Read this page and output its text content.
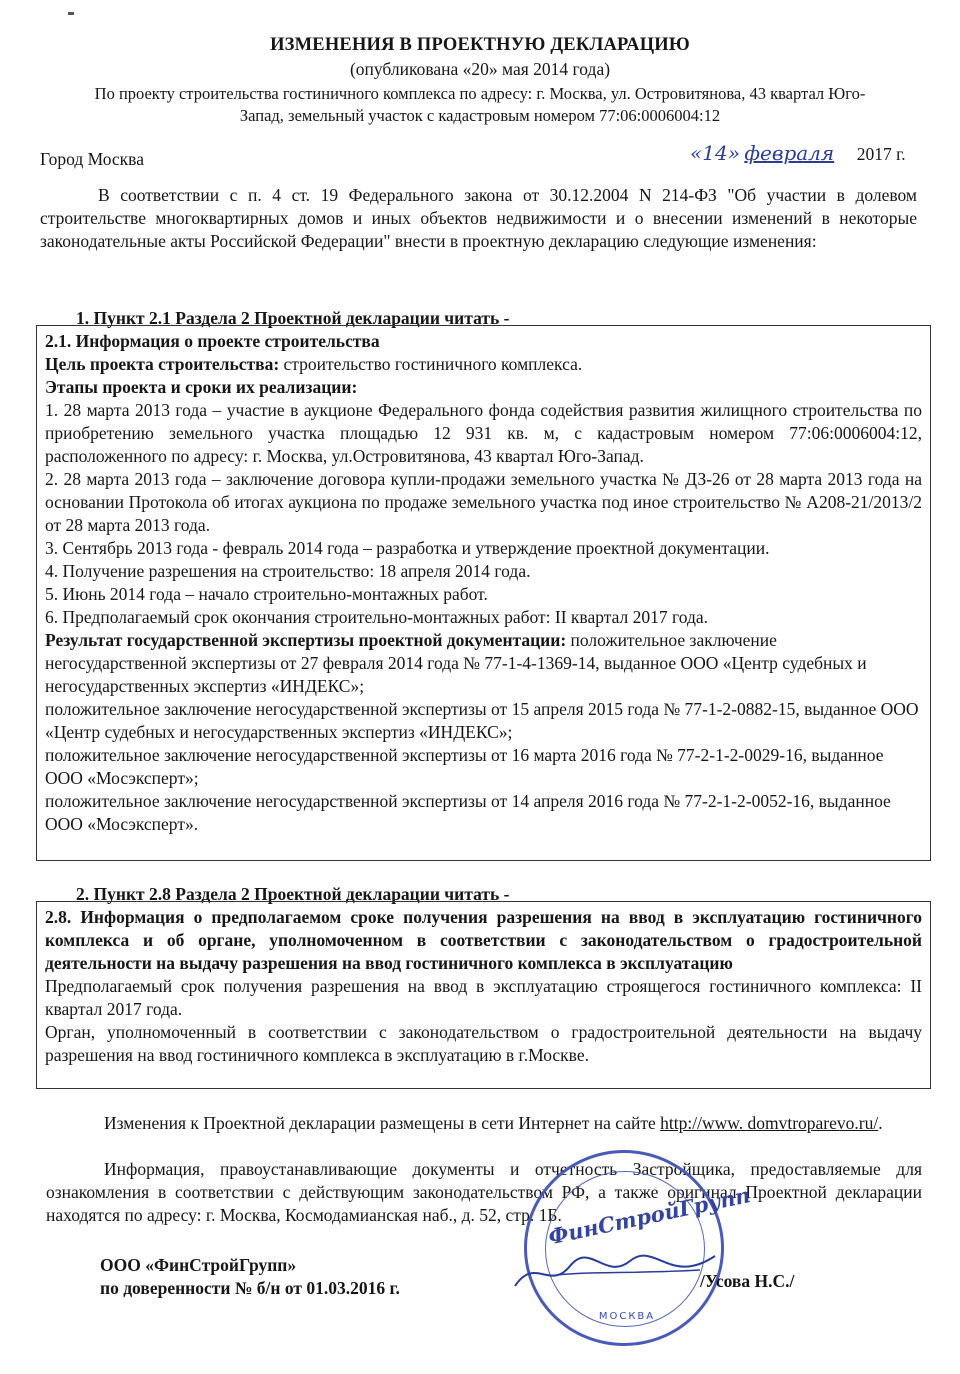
ИЗМЕНЕНИЯ В ПРОЕКТНУЮ ДЕКЛАРАЦИЮ
(опубликована «20» мая 2014 года)
По проекту строительства гостиничного комплекса по адресу: г. Москва, ул. Островитянова, 43 квартал Юго-
Запад, земельный участок с кадастровым номером 77:06:0006004:12
Город Москва	«14» февраля 2017 г.
В соответствии с п. 4 ст. 19 Федерального закона от 30.12.2004 N 214-ФЗ "Об участии в долевом строительстве многоквартирных домов и иных объектов недвижимости и о внесении изменений в некоторые законодательные акты Российской Федерации" внести в проектную декларацию следующие изменения:
1. Пункт 2.1 Раздела 2 Проектной декларации читать -

2.1. Информация о проекте строительства

Цель проекта строительства: строительство гостиничного комплекса.

Этапы проекта и сроки их реализации:

1. 28 марта 2013 года – участие в аукционе Федерального фонда содействия развития жилищного строительства по приобретению земельного участка площадью 12 931 кв. м, с кадастровым номером 77:06:0006004:12, расположенного по адресу: г. Москва, ул.Островитянова, 43 квартал Юго-Запад.

2. 28 марта 2013 года – заключение договора купли-продажи земельного участка № ДЗ-26 от 28 марта 2013 года на основании Протокола об итогах аукциона по продаже земельного участка под иное строительство № А208-21/2013/2 от 28 марта 2013 года.

3. Сентябрь 2013 года - февраль 2014 года – разработка и утверждение проектной документации.

4. Получение разрешения на строительство: 18 апреля 2014 года.

5. Июнь 2014 года – начало строительно-монтажных работ.

6. Предполагаемый срок окончания строительно-монтажных работ: II квартал 2017 года.

Результат государственной экспертизы проектной документации: положительное заключение негосударственной экспертизы от 27 февраля 2014 года № 77-1-4-1369-14, выданное ООО «Центр судебных и негосударственных экспертиз «ИНДЕКС»;

положительное заключение негосударственной экспертизы от 15 апреля 2015 года № 77-1-2-0882-15, выданное ООО «Центр судебных и негосударственных экспертиз «ИНДЕКС»;

положительное заключение негосударственной экспертизы от 16 марта 2016 года № 77-2-1-2-0029-16, выданное ООО «Мосэксперт»;

положительное заключение негосударственной экспертизы от 14 апреля 2016 года № 77-2-1-2-0052-16, выданное ООО «Мосэксперт».

2. Пункт 2.8 Раздела 2 Проектной декларации читать -

2.8. Информация о предполагаемом сроке получения разрешения на ввод в эксплуатацию гостиничного комплекса и об органе, уполномоченном в соответствии с законодательством о градостроительной деятельности на выдачу разрешения на ввод гостиничного комплекса в эксплуатацию

Предполагаемый срок получения разрешения на ввод в эксплуатацию строящегося гостиничного комплекса: II квартал 2017 года.

Орган, уполномоченный в соответствии с законодательством о градостроительной деятельности на выдачу разрешения на ввод гостиничного комплекса в эксплуатацию в г.Москве.

Изменения к Проектной декларации размещены в сети Интернет на сайте http://www. domvtroparevo.ru/.
Информация, правоустанавливающие документы и отчетность Застройщика, предоставляемые для ознакомления в соответствии с действующим законодательством РФ, а также оригинал Проектной декларации находятся по адресу: г. Москва, Космодамианская наб., д. 52, стр. 1Б.
ФинСтройГрупп
МОСКВА
ООО «ФинСтройГрупп»
по доверенности № б/н от 01.03.2016 г.	/Усова Н.С./
